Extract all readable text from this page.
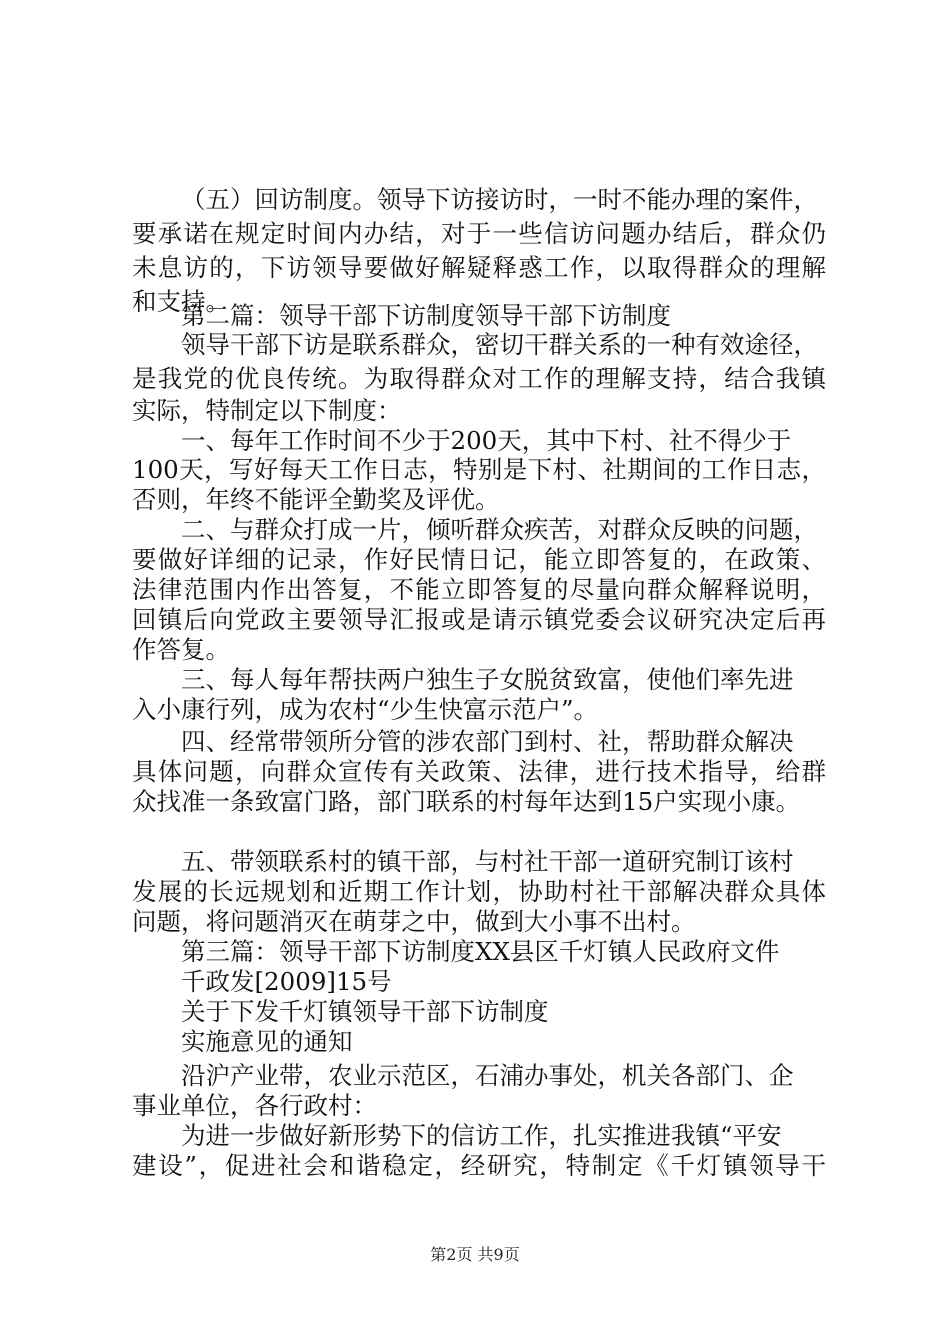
（五）回访制度。领导下访接访时，一时不能办理的案件，
要承诺在规定时间内办结，对于一些信访问题办结后，群众仍
未息访的，下访领导要做好解疑释惑工作，以取得群众的理解
和支持。
第二篇：领导干部下访制度领导干部下访制度
领导干部下访是联系群众，密切干群关系的一种有效途径，
是我党的优良传统。为取得群众对工作的理解支持，结合我镇
实际，特制定以下制度：
一、每年工作时间不少于200天，其中下村、社不得少于
100天，写好每天工作日志，特别是下村、社期间的工作日志，
否则，年终不能评全勤奖及评优。
二、与群众打成一片，倾听群众疾苦，对群众反映的问题，
要做好详细的记录，作好民情日记，能立即答复的，在政策、
法律范围内作出答复，不能立即答复的尽量向群众解释说明，
回镇后向党政主要领导汇报或是请示镇党委会议研究决定后再
作答复。
三、每人每年帮扶两户独生子女脱贫致富，使他们率先进
入小康行列，成为农村“少生快富示范户”。
四、经常带领所分管的涉农部门到村、社，帮助群众解决
具体问题，向群众宣传有关政策、法律，进行技术指导，给群
众找准一条致富门路，部门联系的村每年达到15户实现小康。
五、带领联系村的镇干部，与村社干部一道研究制订该村
发展的长远规划和近期工作计划，协助村社干部解决群众具体
问题，将问题消灭在萌芽之中，做到大小事不出村。
第三篇：领导干部下访制度XX县区千灯镇人民政府文件
千政发[2009]15号
关于下发千灯镇领导干部下访制度
实施意见的通知
沿沪产业带，农业示范区，石浦办事处，机关各部门、企
事业单位，各行政村：
为进一步做好新形势下的信访工作，扎实推进我镇“平安
建设”，促进社会和谐稳定，经研究，特制定《千灯镇领导干
第2页 共9页
